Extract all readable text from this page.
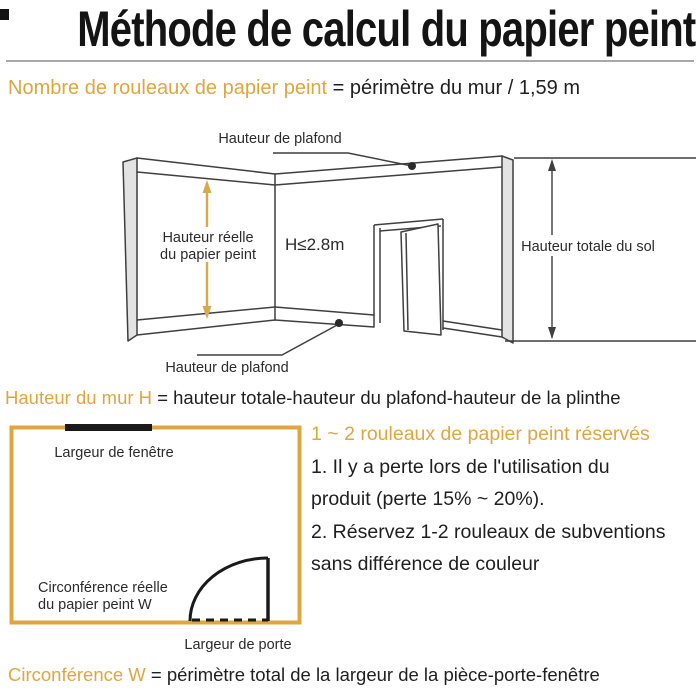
Méthode de calcul du papier peint

Nombre de rouleaux de papier peint = périmètre du mur / 1,59 m

Hauteur de plafond
Hauteur réelle
du papier peint
H≤2.8m	Hauteur totale du sol
Hauteur de plafond

Hauteur du mur H = hauteur totale-hauteur du plafond-hauteur de la plinthe

Largeur de fenêtre
Circonférence réelle
du papier peint W
Largeur de porte

1 ~ 2 rouleaux de papier peint réservés

1. Il y a perte lors de l'utilisation du

produit (perte 15% ~ 20%).

2. Réservez 1-2 rouleaux de subventions

sans différence de couleur

Circonférence W = périmètre total de la largeur de la pièce-porte-fenêtre
